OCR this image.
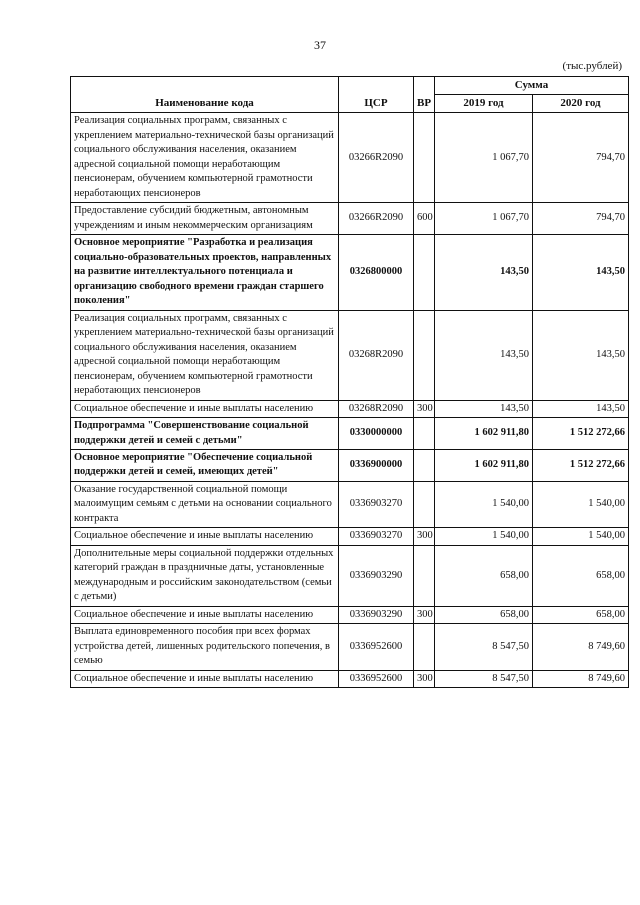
37
(тыс.рублей)
Наименование кода	ЦСР	ВР	Сумма	
			2019 год	2020 год
Реализация социальных программ, связанных с укреплением материально-технической базы организаций социального обслуживания населения, оказанием адресной социальной помощи неработающим пенсионерам, обучением компьютерной грамотности неработающих пенсионеров	03266R2090		1 067,70	794,70
Предоставление субсидий бюджетным, автономным учреждениям и иным некоммерческим организациям	03266R2090	600	1 067,70	794,70
Основное мероприятие "Разработка и реализация социально-образовательных проектов, направленных на развитие интеллектуального потенциала и организацию свободного времени граждан старшего поколения"	0326800000		143,50	143,50
Реализация социальных программ, связанных с укреплением материально-технической базы организаций социального обслуживания населения, оказанием адресной социальной помощи неработающим пенсионерам, обучением компьютерной грамотности неработающих пенсионеров	03268R2090		143,50	143,50
Социальное обеспечение и иные выплаты населению	03268R2090	300	143,50	143,50
Подпрограмма "Совершенствование социальной поддержки детей и семей с детьми"	0330000000		1 602 911,80	1 512 272,66
Основное мероприятие "Обеспечение социальной поддержки детей и семей, имеющих детей"	0336900000		1 602 911,80	1 512 272,66
Оказание государственной социальной помощи малоимущим семьям с детьми на основании социального контракта	0336903270		1 540,00	1 540,00
Социальное обеспечение и иные выплаты населению	0336903270	300	1 540,00	1 540,00
Дополнительные меры социальной поддержки отдельных категорий граждан в праздничные даты, установленные международным и российским законодательством (семьи с детьми)	0336903290		658,00	658,00
Социальное обеспечение и иные выплаты населению	0336903290	300	658,00	658,00
Выплата единовременного пособия при всех формах устройства детей, лишенных родительского попечения, в семью	0336952600		8 547,50	8 749,60
Социальное обеспечение и иные выплаты населению	0336952600	300	8 547,50	8 749,60
